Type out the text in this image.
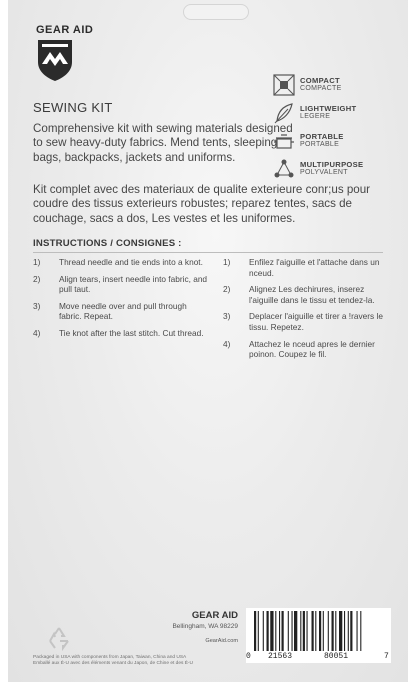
GEAR AID
SEWING KIT

Comprehensive kit with sewing materials designed to sew heavy-duty fabrics. Mend tents, sleeping bags, backpacks, jackets and uniforms.

Kit complet avec des materiaux de qualite exterieure conr;us pour coudre des tissus exterieurs robustes; reparez tentes, sacs de couchage, sacs a dos, Les vestes et les uniformes.

COMPACT
COMPACTE
LIGHTWEIGHT
LEGERE
PORTABLE
PORTABLE
MULTIPURPOSE
POLYVALENT
INSTRUCTIONS / CONSIGNES :
1) Thread needle and tie ends into a knot.
2) Align tears, insert needle into fabric, and pull taut.
3) Move needle over and pull through fabric. Repeat.
4) Tie knot after the last stitch. Cut thread.
1) Enfilez l'aiguille et l'attache dans un nceud.
2) Alignez Les dechirures, inserez l'aiguille dans le tissu et tendez-la.
3) Deplacer l'aiguille et tirer a !ravers le tissu. Repetez.
4) Attachez le nceud apres le dernier poinon. Coupez le fil.

Packaged in USA with components from Japan, Taiwan, China and USA

Emballé aux É-U avec des éléments venant du Japon, de Chine et des É-U

GEAR AID
Bellingham, WA 98229
GearAid.com
0 21563	80051	7
